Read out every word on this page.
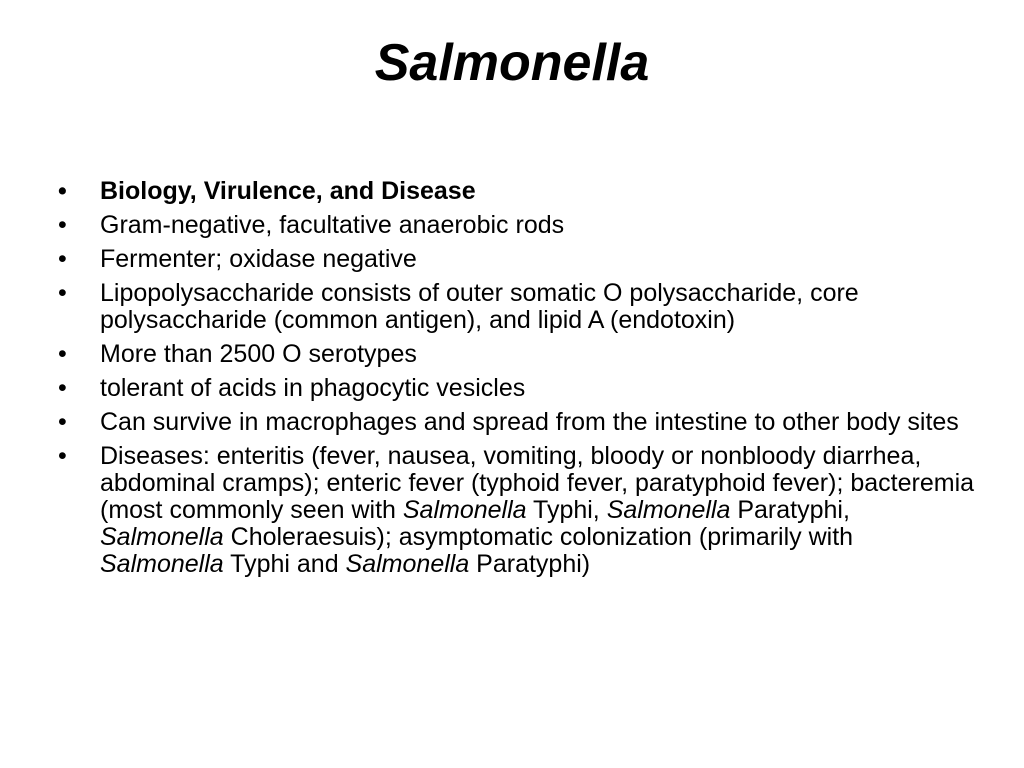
Salmonella
• Biology, Virulence, and Disease
• Gram-negative, facultative anaerobic rods
• Fermenter; oxidase negative
• Lipopolysaccharide consists of outer somatic O polysaccharide, core polysaccharide (common antigen), and lipid A (endotoxin)
• More than 2500 O serotypes
• tolerant of acids in phagocytic vesicles
• Can survive in macrophages and spread from the intestine to other body sites
• Diseases: enteritis (fever, nausea, vomiting, bloody or nonbloody diarrhea, abdominal cramps); enteric fever (typhoid fever, paratyphoid fever); bacteremia (most commonly seen with Salmonella Typhi, Salmonella Paratyphi, Salmonella Choleraesuis); asymptomatic colonization (primarily with Salmonella Typhi and Salmonella Paratyphi)
